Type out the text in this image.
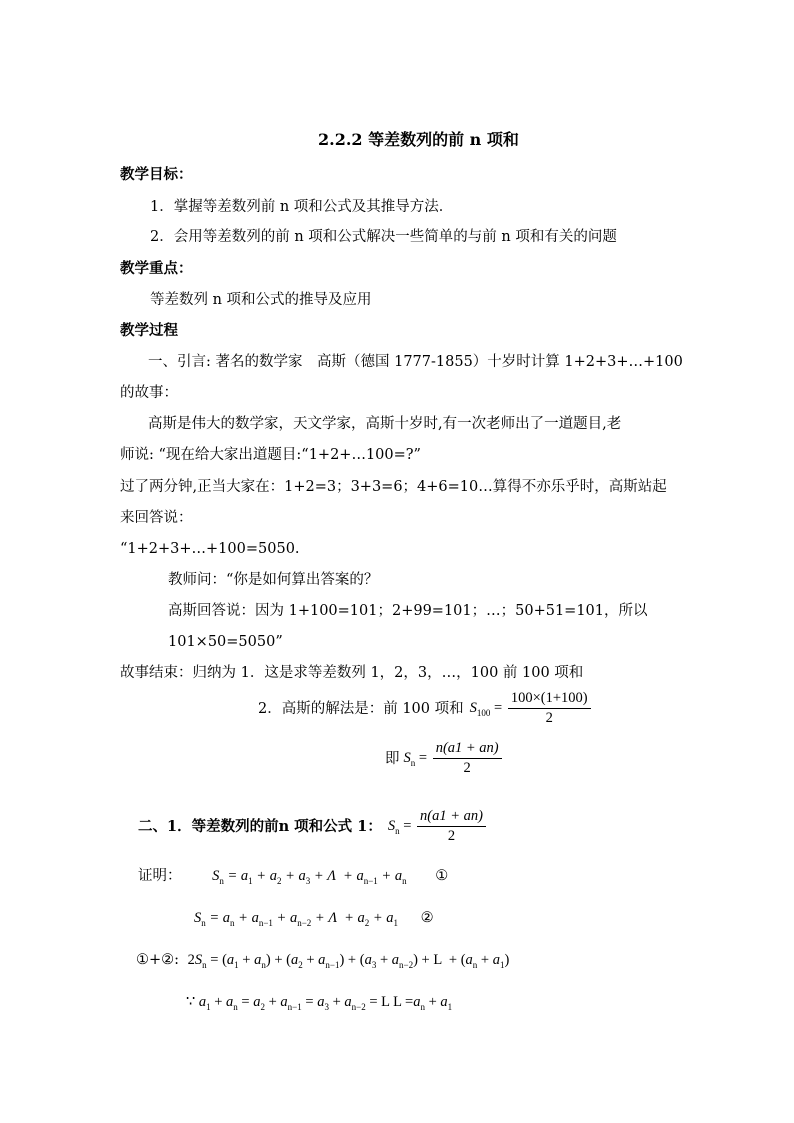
2.2.2 等差数列的前 n 项和
教学目标：
1．掌握等差数列前 n 项和公式及其推导方法．
2．会用等差数列的前 n 项和公式解决一些简单的与前 n 项和有关的问题
教学重点：
等差数列 n 项和公式的推导及应用
教学过程
一、引言: 著名的数学家　高斯（德国 1777-1855）十岁时计算 1+2+3+…+100
的故事：
高斯是伟大的数学家，天文学家，高斯十岁时,有一次老师出了一道题目,老
师说: “现在给大家出道题目:“1+2+…100=?”
过了两分钟,正当大家在：1+2=3；3+3=6；4+6=10…算得不亦乐乎时，高斯站起
来回答说：
“1+2+3+…+100=5050.
教师问：“你是如何算出答案的？
高斯回答说：因为 1+100=101；2+99=101；…；50+51=101，所以
101×50=5050”
故事结束：归纳为 1．这是求等差数列 1，2，3，…，100 前 100 项和
2．高斯的解法是：前 100 项和 $S_{100} = \frac{100\times(1+100)}{2}$
即 $S_n = \frac{n(a1 + an)}{2}$
二、1．等差数列的前n 项和公式 1： $S_n = \frac{n(a1 + an)}{2}$
证明： $S_n = a_1 + a_2 + a_3 + \Lambda + a_{n-1} + a_n$ ①
$S_n = a_n + a_{n-1} + a_{n-2} + \Lambda + a_2 + a_1$ ②
①+②: $2S_n = (a_1 + a_n) + (a_2 + a_{n-1}) + (a_3 + a_{n-2}) + L + (a_n + a_1)$
∵ $a_1 + a_n = a_2 + a_{n-1} = a_3 + a_{n-2} = L$ $L =a_n + a_1$
